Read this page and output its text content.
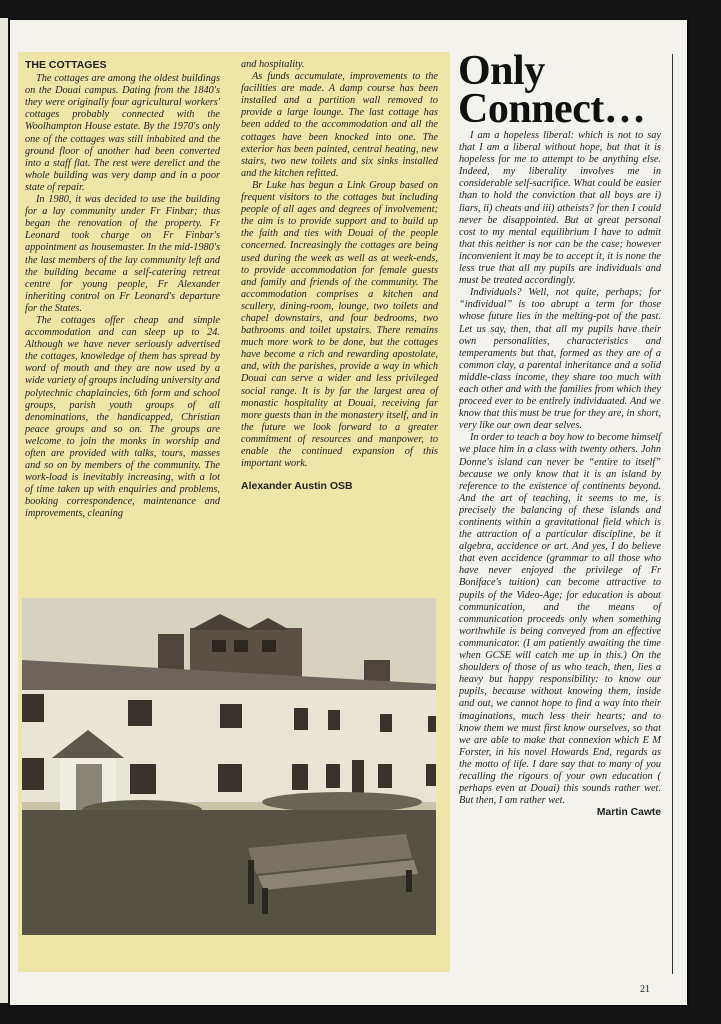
THE COTTAGES

The cottages are among the oldest buildings on the Douai campus. Dating from the 1840's they were originally four agricultural workers' cottages probably connected with the Woolhampton House estate. By the 1970's only one of the cottages was still inhabited and the ground floor of another had been converted into a staff flat. The rest were derelict and the whole building was very damp and in a poor state of repair.

In 1980, it was decided to use the building for a lay community under Fr Finbar; thus began the renovation of the property. Fr Leonard took charge on Fr Finbar's appointment as housemaster. In the mid-1980's the last members of the lay community left and the building became a self-catering retreat centre for young people, Fr Alexander inheriting control on Fr Leonard's departure for the States.

The cottages offer cheap and simple accommodation and can sleep up to 24. Although we have never seriously advertised the cottages, knowledge of them has spread by word of mouth and they are now used by a wide variety of groups including university and polytechnic chaplaincies, 6th form and school groups, parish youth groups of all denominations, the handicapped, Christian peace groups and so on. The groups are welcome to join the monks in worship and often are provided with talks, tours, masses and so on by members of the community. The work-load is inevitably increasing, with a lot of time taken up with enquiries and problems, booking correspondence, maintenance and improvements, cleaning

and hospitality.

As funds accumulate, improvements to the facilities are made. A damp course has been installed and a partition wall removed to provide a large lounge. The last cottage has been added to the accommodation and all the cottages have been knocked into one. The exterior has been painted, central heating, new stairs, two new toilets and six sinks installed and the kitchen refitted.

Br Luke has begun a Link Group based on frequent visitors to the cottages but including people of all ages and degrees of involvement; the aim is to provide support and to build up the faith and ties with Douai of the people concerned. Increasingly the cottages are being used during the week as well as at week-ends, to provide accommodation for female guests and family and friends of the community. The accommodation comprises a kitchen and scullery, dining-room, lounge, two toilets and chapel downstairs, and four bedrooms, two bathrooms and toilet upstairs. There remains much more work to be done, but the cottages have become a rich and rewarding apostolate, and, with the parishes, provide a way in which Douai can serve a wider and less privileged social range. It is by far the largest area of monastic hospitality at Douai, receiving far more guests than in the monastery itself, and in the future we look forward to a greater commitment of resources and manpower, to enable the continued expansion of this important work.

Alexander Austin OSB
Only
Connect…

I am a hopeless liberal: which is not to say that I am a liberal without hope, but that it is hopeless for me to attempt to be anything else. Indeed, my liberality involves me in considerable self-sacrifice. What could be easier than to hold the conviction that all boys are i) liars, ii) cheats and iii) atheists? for then I could never be disappointed. But at great personal cost to my mental equilibrium I have to admit that this neither is nor can be the case; however inconvenient it may be to accept it, it is none the less true that all my pupils are individuals and must be treated accordingly.

Individuals? Well, not quite, perhaps; for “individual” is too abrupt a term for those whose future lies in the melting-pot of the past. Let us say, then, that all my pupils have their own personalities, characteristics and temperaments but that, formed as they are of a common clay, a parental inheritance and a solid middle-class income, they share too much with each other and with the families from which they proceed ever to be entirely individuated. And we know that this must be true for they are, in short, very like our own dear selves.

In order to teach a boy how to become himself we place him in a class with twenty others. John Donne's island can never be “entire to itself” because we only know that it is an island by reference to the existence of continents beyond. And the art of teaching, it seems to me, is precisely the balancing of these islands and continents within a gravitational field which is the attraction of a particular discipline, be it algebra, accidence or art. And yes, I do believe that even accidence (grammar to all those who have never enjoyed the privilege of Fr Boniface's tuition) can become attractive to pupils of the Video-Age; for education is about communication, and the means of communication proceeds only when something worthwhile is being conveyed from an effective communicator. (I am patiently awaiting the time when GCSE will catch me up in this.) On the shoulders of those of us who teach, then, lies a heavy but happy responsibility: to know our pupils, because without knowing them, inside and out, we cannot hope to find a way into their imaginations, much less their hearts; and to know them we must first know ourselves, so that we are able to make that connexion which E M Forster, in his novel Howards End, regards as the motto of life. I dare say that to many of you recalling the rigours of your own education ( perhaps even at Douai) this sounds rather wet. But then, I am rather wet.

Martin Cawte
21
